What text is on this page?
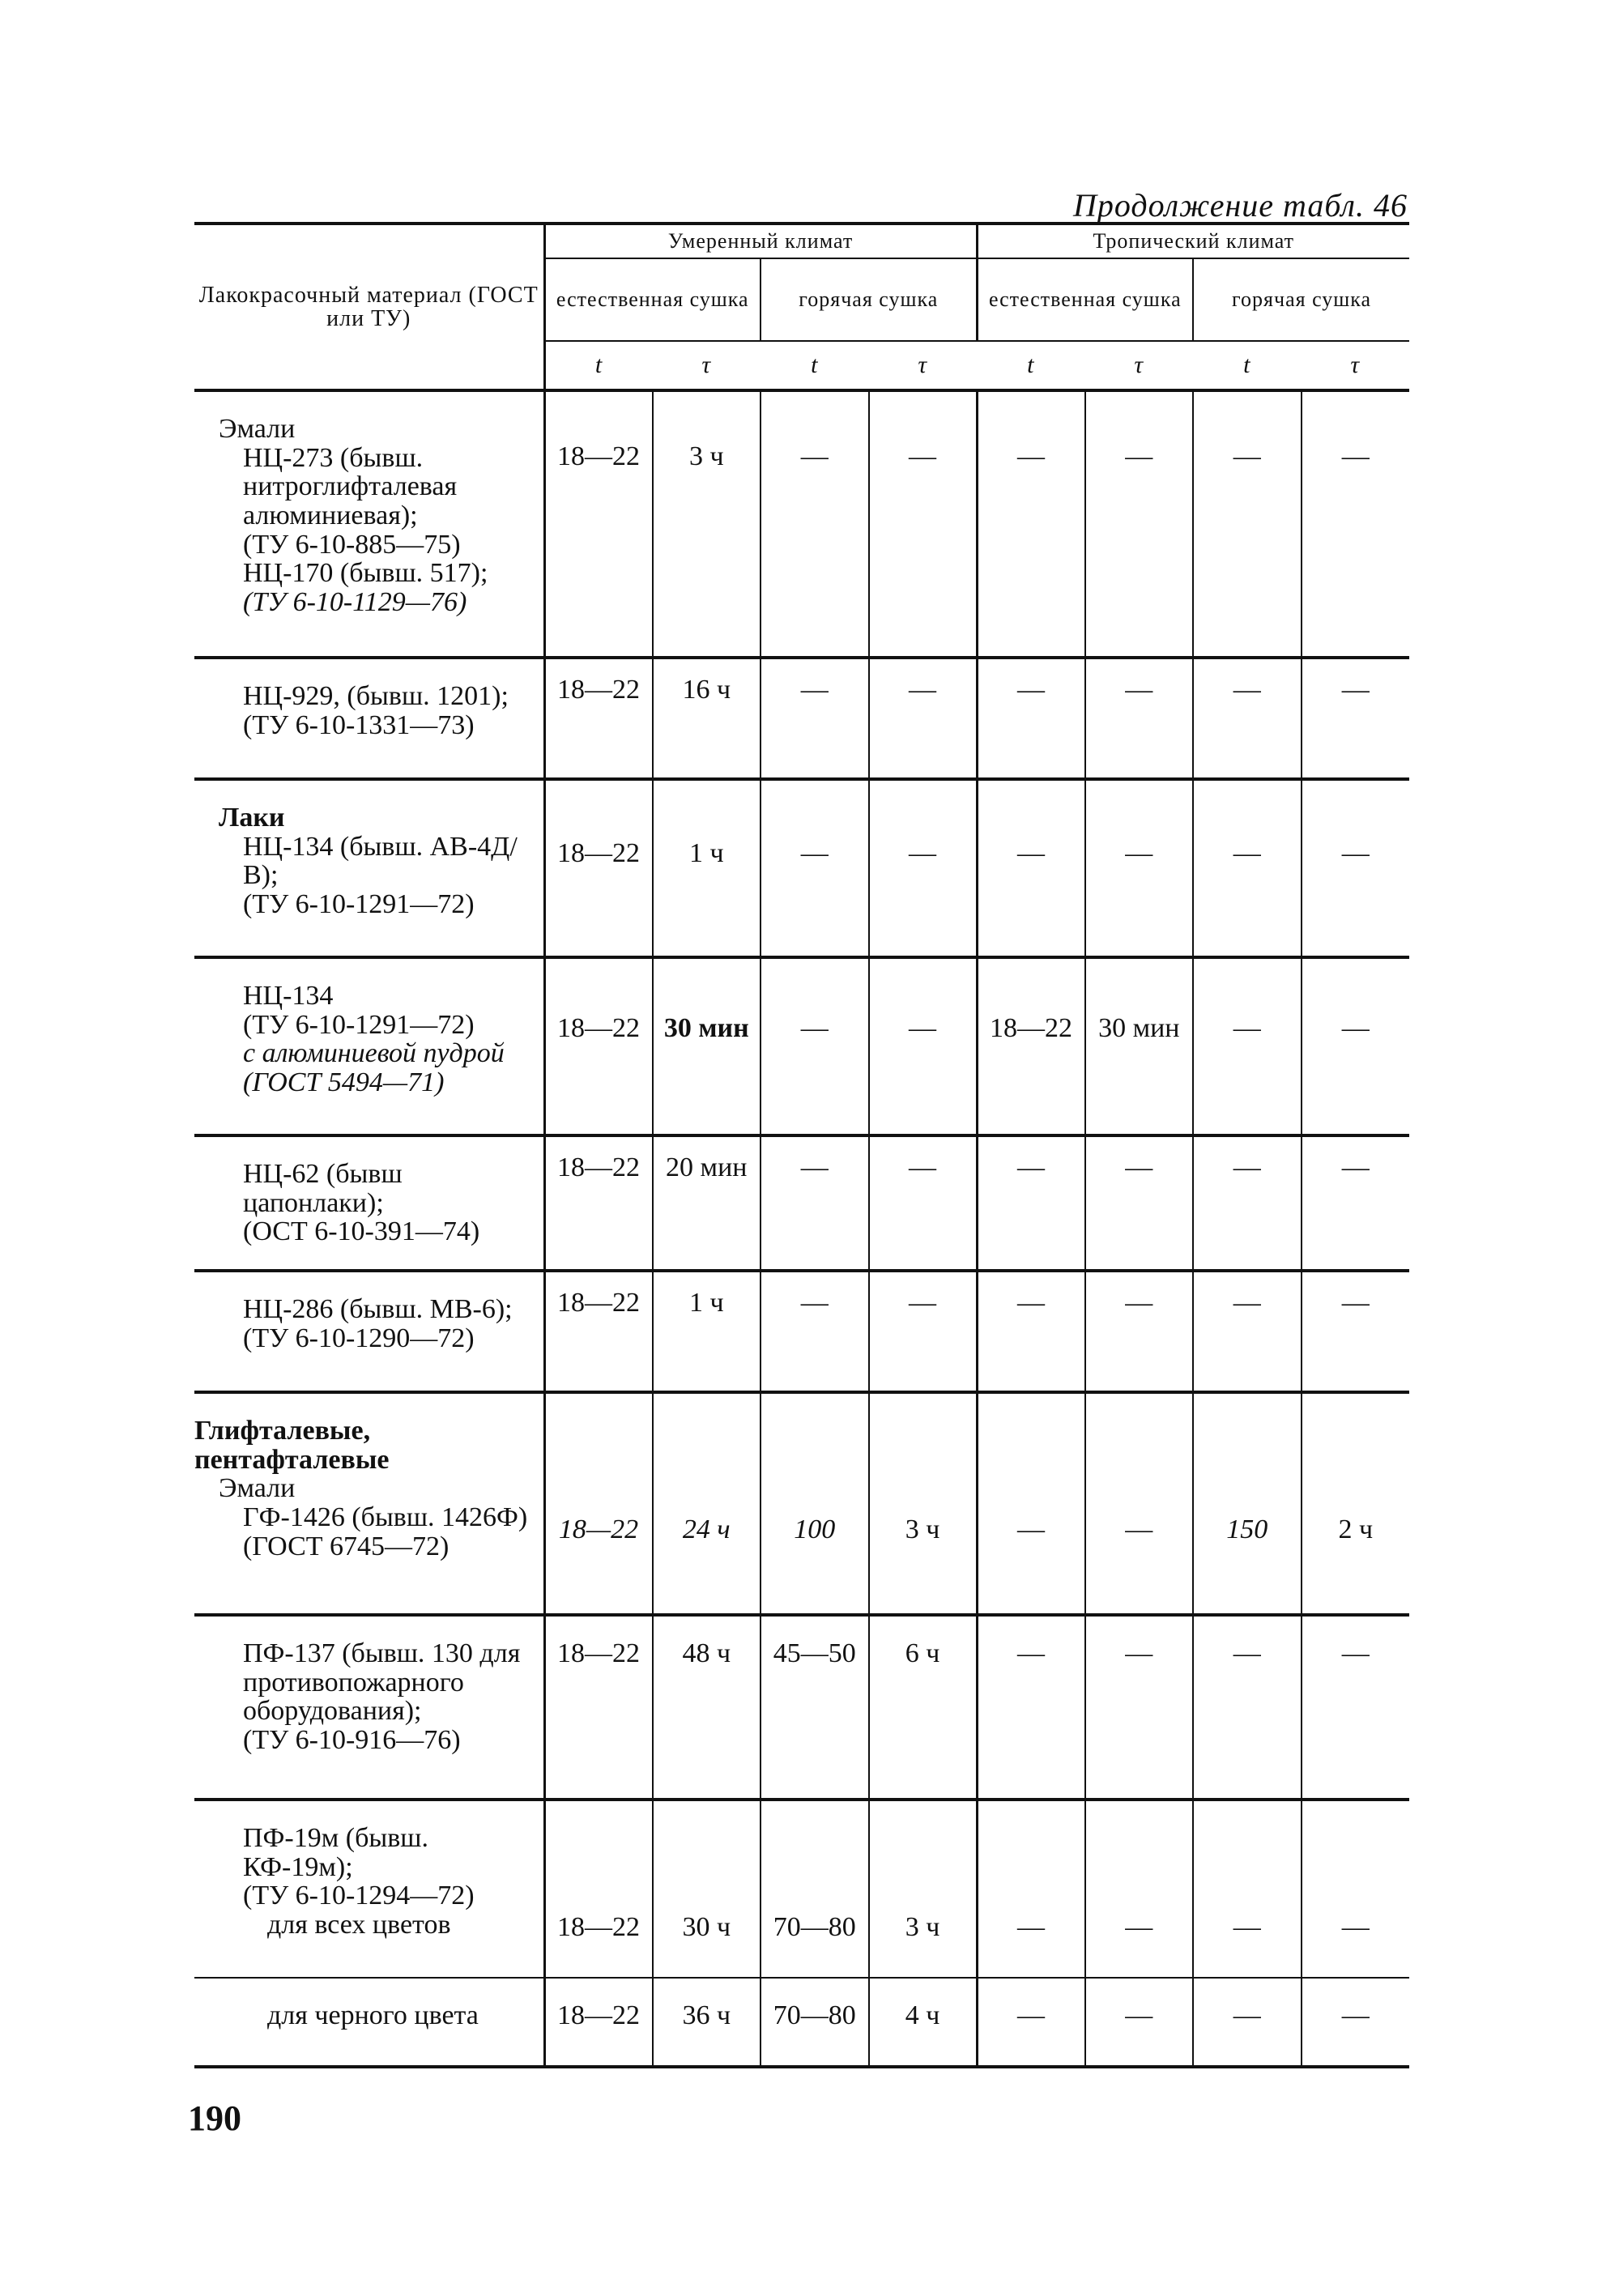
Продолжение табл. 46
Лакокрасочный материал (ГОСТ или ТУ)	Умеренный климат				Тропический климат			
	естественная сушка		горячая сушка		естественная сушка		горячая сушка	
	t	τ	t	τ	t	τ	t	τ

Эмали
НЦ-273 (бывш. нитроглифталевая алюминиевая);
(ТУ 6-10-885—75)
НЦ-170 (бывш. 517);
(ТУ 6-10-1129—76)	18—22	3 ч	—	—	—	—	—	—

НЦ-929, (бывш. 1201);
(ТУ 6-10-1331—73)	18—22	16 ч	—	—	—	—	—	—

Лаки
НЦ-134 (бывш. АВ-4Д/В);
(ТУ 6-10-1291—72)	18—22	1 ч	—	—	—	—	—	—

НЦ-134
(ТУ 6-10-1291—72)
с алюминиевой пудрой (ГОСТ 5494—71)	18—22	30 мин	—	—	18—22	30 мин	—	—

НЦ-62 (бывш цапонлаки);
(ОСТ 6-10-391—74)	18—22	20 мин	—	—	—	—	—	—

НЦ-286 (бывш. МВ-6);
(ТУ 6-10-1290—72)	18—22	1 ч	—	—	—	—	—	—

Глифталевые, пентафталевые
Эмали
ГФ-1426 (бывш. 1426Ф)
(ГОСТ 6745—72)	18—22	24 ч	100	3 ч	—	—	150	2 ч

ПФ-137 (бывш. 130 для противопожарного оборудования);
(ТУ 6-10-916—76)	18—22	48 ч	45—50	6 ч	—	—	—	—

ПФ-19м (бывш. КФ-19м);
(ТУ 6-10-1294—72)
для всех цветов	18—22	30 ч	70—80	3 ч	—	—	—	—

для черного цвета	18—22	36 ч	70—80	4 ч	—	—	—	—
190
